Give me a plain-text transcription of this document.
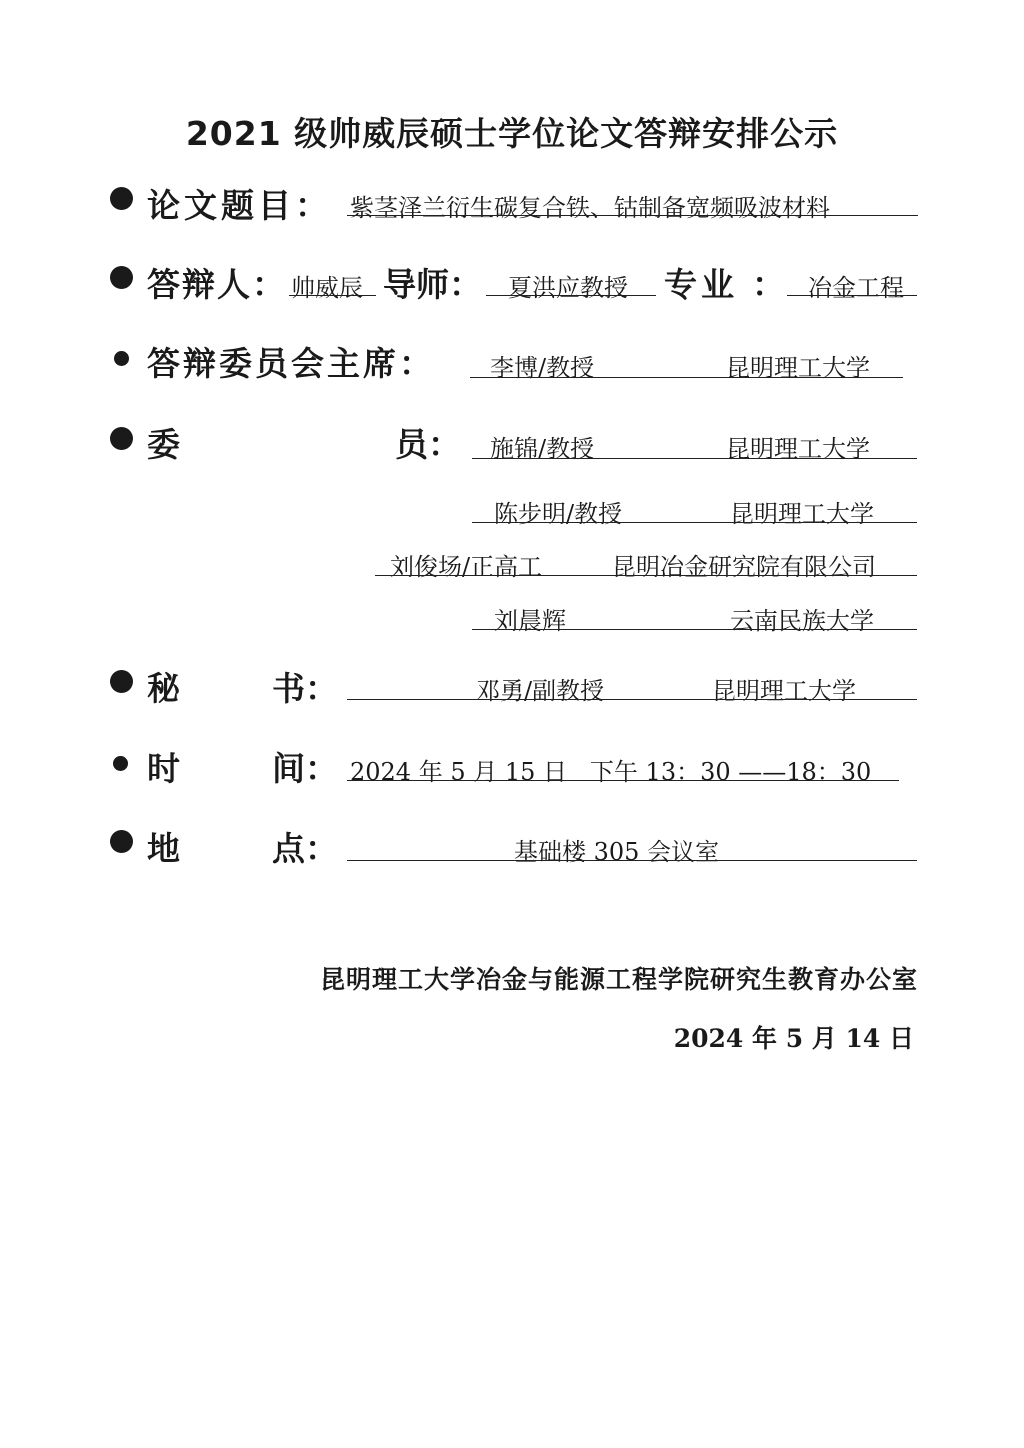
2021 级帅威辰硕士学位论文答辩安排公示
论文题目： 紫茎泽兰衍生碳复合铁、钴制备宽频吸波材料
答辩人： 帅威辰 导师： 夏洪应教授 专业 ： 冶金工程
答辩委员会主席： 李博/教授	昆明理工大学
委	员： 施锦/教授	昆明理工大学
陈步明/教授	昆明理工大学
刘俊场/正高工	昆明冶金研究院有限公司
刘晨辉	云南民族大学
秘	书：	邓勇/副教授	昆明理工大学
时	间： 2024 年 5 月 15 日   下午 13：30 ——18：30
地	点：	基础楼 305 会议室
昆明理工大学冶金与能源工程学院研究生教育办公室
2024 年 5 月 14 日
